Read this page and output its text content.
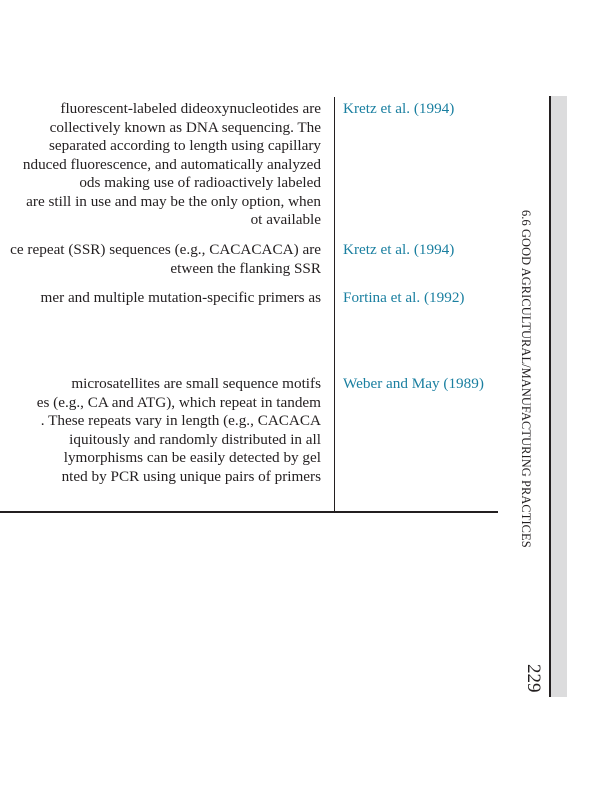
fluorescent-labeled dideoxynucleotides are
collectively known as DNA sequencing. The
separated according to length using capillary
nduced fluorescence, and automatically analyzed
ods making use of radioactively labeled
are still in use and may be the only option, when
ot available
Kretz et al. (1994)
ce repeat (SSR) sequences (e.g., CACACACA) are
etween the flanking SSR
Kretz et al. (1994)
mer and multiple mutation-specific primers as Fortina et al. (1992)
microsatellites are small sequence motifs
es (e.g., CA and ATG), which repeat in tandem
. These repeats vary in length (e.g., CACACA
iquitously and randomly distributed in all
lymorphisms can be easily detected by gel
nted by PCR using unique pairs of primers
Weber and May (1989)	6.6 GOOD AGRICULTURAL/MANUFACTURING PRACTICES
229
